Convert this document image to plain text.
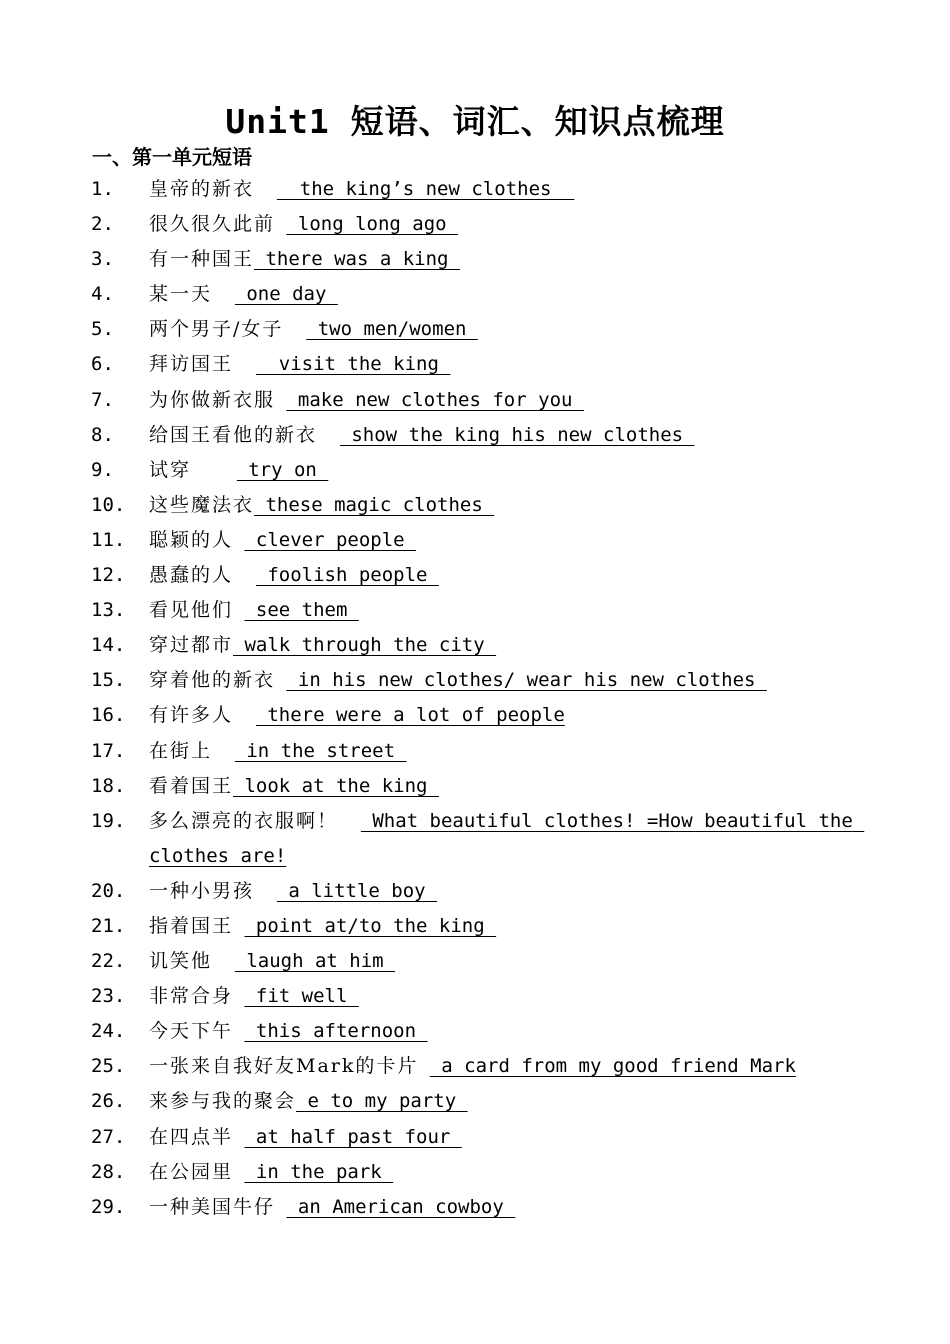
Unit1 短语、词汇、知识点梳理
一、第一单元短语
1. 皇帝的新衣    the king’s new clothes
2. 很久很久此前  long long ago
3. 有一种国王 there was a king
4. 某一天   one day
5. 两个男子/女子   two men/women
6. 拜访国王    visit the king
7. 为你做新衣服  make new clothes for you
8. 给国王看他的新衣   show the king his new clothes
9. 试穿     try on
10. 这些魔法衣 these magic clothes
11. 聪颖的人  clever people
12. 愚蠢的人   foolish people
13. 看见他们  see them
14. 穿过都市 walk through the city
15. 穿着他的新衣  in his new clothes/ wear his new clothes
16. 有许多人   there were a lot of people
17. 在街上   in the street
18. 看着国王 look at the king
19. 多么漂亮的衣服啊！   What beautiful clothes! =How beautiful the clothes are!
20. 一种小男孩   a little boy
21. 指着国王  point at/to the king
22. 讥笑他   laugh at him
23. 非常合身  fit well
24. 今天下午  this afternoon
25. 一张来自我好友Mark的卡片  a card from my good friend Mark
26. 来参与我的聚会 e to my party
27. 在四点半  at half past four
28. 在公园里  in the park
29. 一种美国牛仔  an American cowboy
